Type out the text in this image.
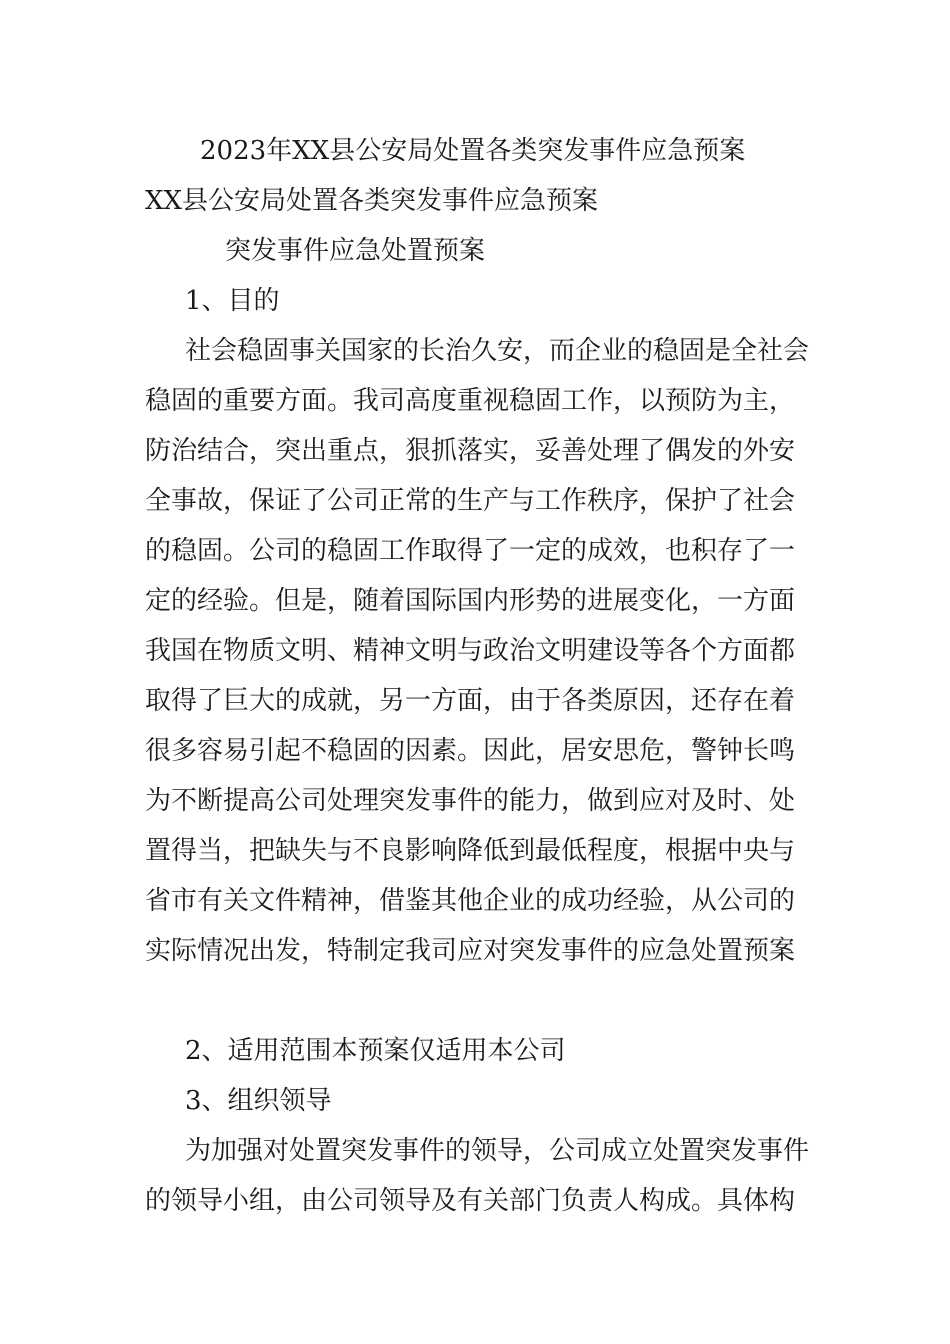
2023年XX县公安局处置各类突发事件应急预案
XX县公安局处置各类突发事件应急预案
突发事件应急处置预案
1、目的
社会稳固事关国家的长治久安，而企业的稳固是全社会
稳固的重要方面。我司高度重视稳固工作，以预防为主，
防治结合，突出重点，狠抓落实，妥善处理了偶发的外安
全事故，保证了公司正常的生产与工作秩序，保护了社会
的稳固。公司的稳固工作取得了一定的成效，也积存了一
定的经验。但是，随着国际国内形势的进展变化，一方面
我国在物质文明、精神文明与政治文明建设等各个方面都
取得了巨大的成就，另一方面，由于各类原因，还存在着
很多容易引起不稳固的因素。因此，居安思危，警钟长鸣
为不断提高公司处理突发事件的能力，做到应对及时、处
置得当，把缺失与不良影响降低到最低程度，根据中央与
省市有关文件精神，借鉴其他企业的成功经验，从公司的
实际情况出发，特制定我司应对突发事件的应急处置预案
2、适用范围本预案仅适用本公司
3、组织领导
为加强对处置突发事件的领导，公司成立处置突发事件
的领导小组，由公司领导及有关部门负责人构成。具体构
